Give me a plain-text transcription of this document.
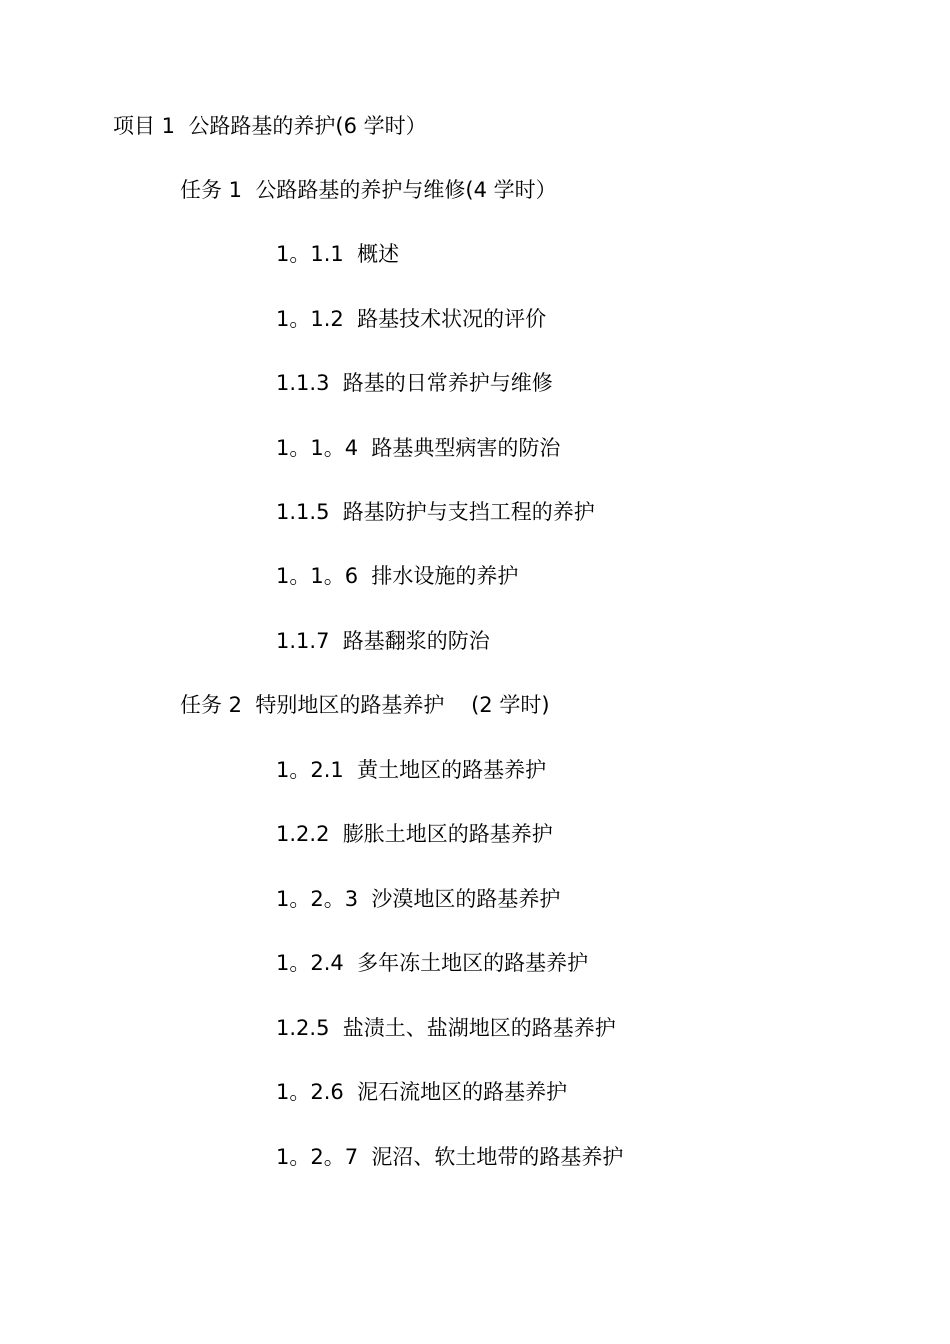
项目 1  公路路基的养护(6 学时）
任务 1  公路路基的养护与维修(4 学时）
1。1.1  概述
1。1.2  路基技术状况的评价
1.1.3  路基的日常养护与维修
1。1。4  路基典型病害的防治
1.1.5  路基防护与支挡工程的养护
1。1。6  排水设施的养护
1.1.7  路基翻浆的防治
任务 2  特别地区的路基养护    (2 学时)
1。2.1  黄土地区的路基养护
1.2.2  膨胀土地区的路基养护
1。2。3  沙漠地区的路基养护
1。2.4  多年冻土地区的路基养护
1.2.5  盐渍土、盐湖地区的路基养护
1。2.6  泥石流地区的路基养护
1。2。7  泥沼、软土地带的路基养护
